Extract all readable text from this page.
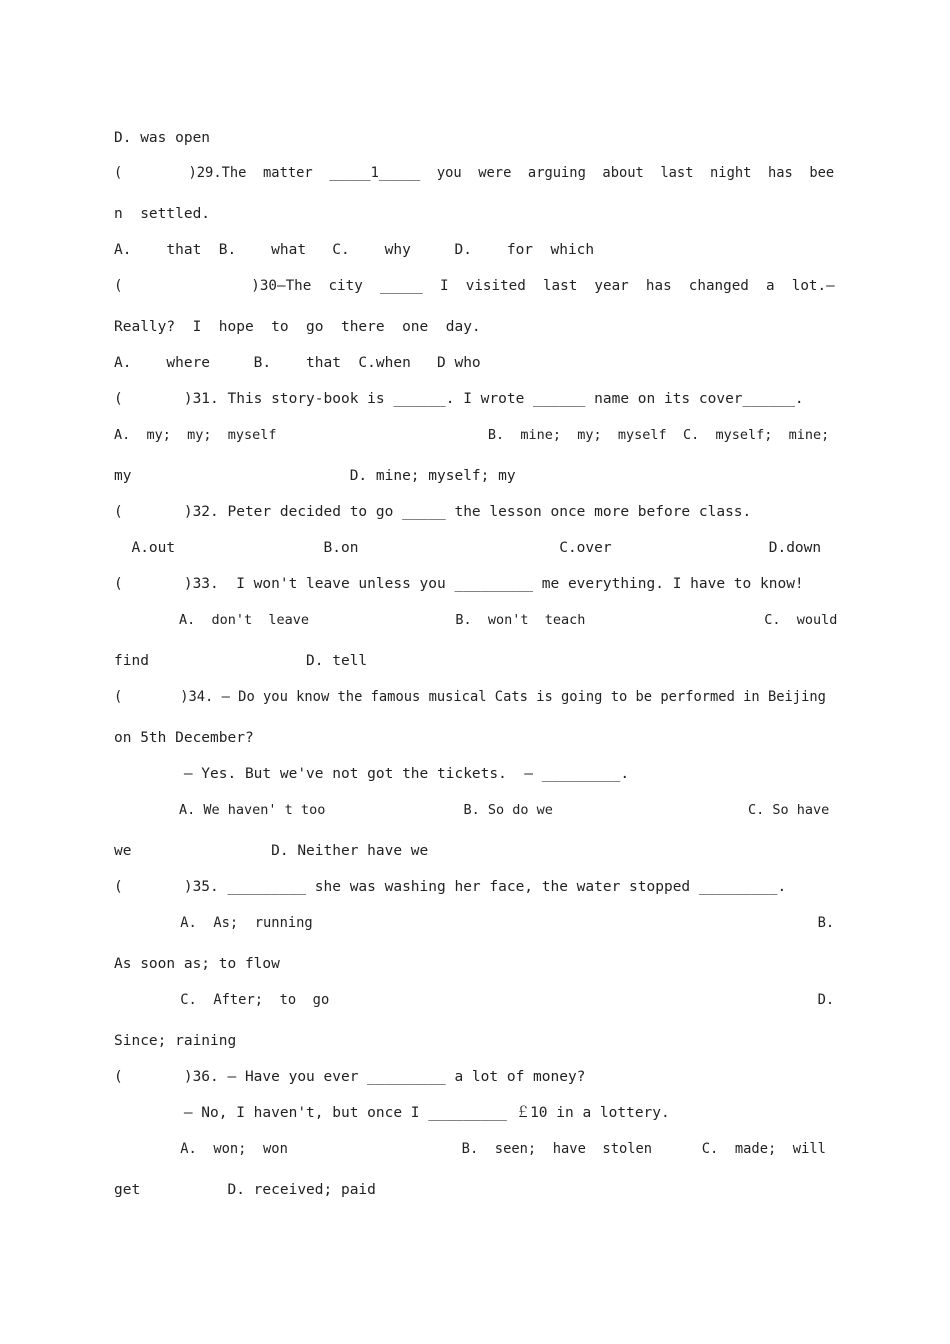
D. was open
(        )29.The  matter  _____1_____  you  were  arguing  about  last  night  has  bee
n  settled.
A.    that  B.    what   C.    why     D.    for  which
(               )30—The  city  _____  I  visited  last  year  has  changed  a  lot.—
Really?  I  hope  to  go  there  one  day.
A.    where     B.    that  C.when   D who
(       )31. This story-book is ______. I wrote ______ name on its cover______.
A.  my;  my;  myself                          B.  mine;  my;  myself  C.  myself;  mine;
my                         D. mine; myself; my
(       )32. Peter decided to go _____ the lesson once more before class.
A.out                 B.on                       C.over                  D.down
(       )33.  I won't leave unless you _________ me everything. I have to know!
A.  don't  leave                  B.  won't  teach                      C.  would
find                  D. tell
(       )34. — Do you know the famous musical Cats is going to be performed in Beijing
on 5th December?
— Yes. But we've not got the tickets.  — _________.
A. We haven' t too                 B. So do we                        C. So have
we                D. Neither have we
(       )35. _________ she was washing her face, the water stopped _________.
A.  As;  running                                                             B.
As soon as; to flow
C.  After;  to  go                                                           D.
Since; raining
(       )36. — Have you ever _________ a lot of money?
— No, I haven't, but once I _________ ￡10 in a lottery.
A.  won;  won                     B.  seen;  have  stolen      C.  made;  will
get          D. received; paid
